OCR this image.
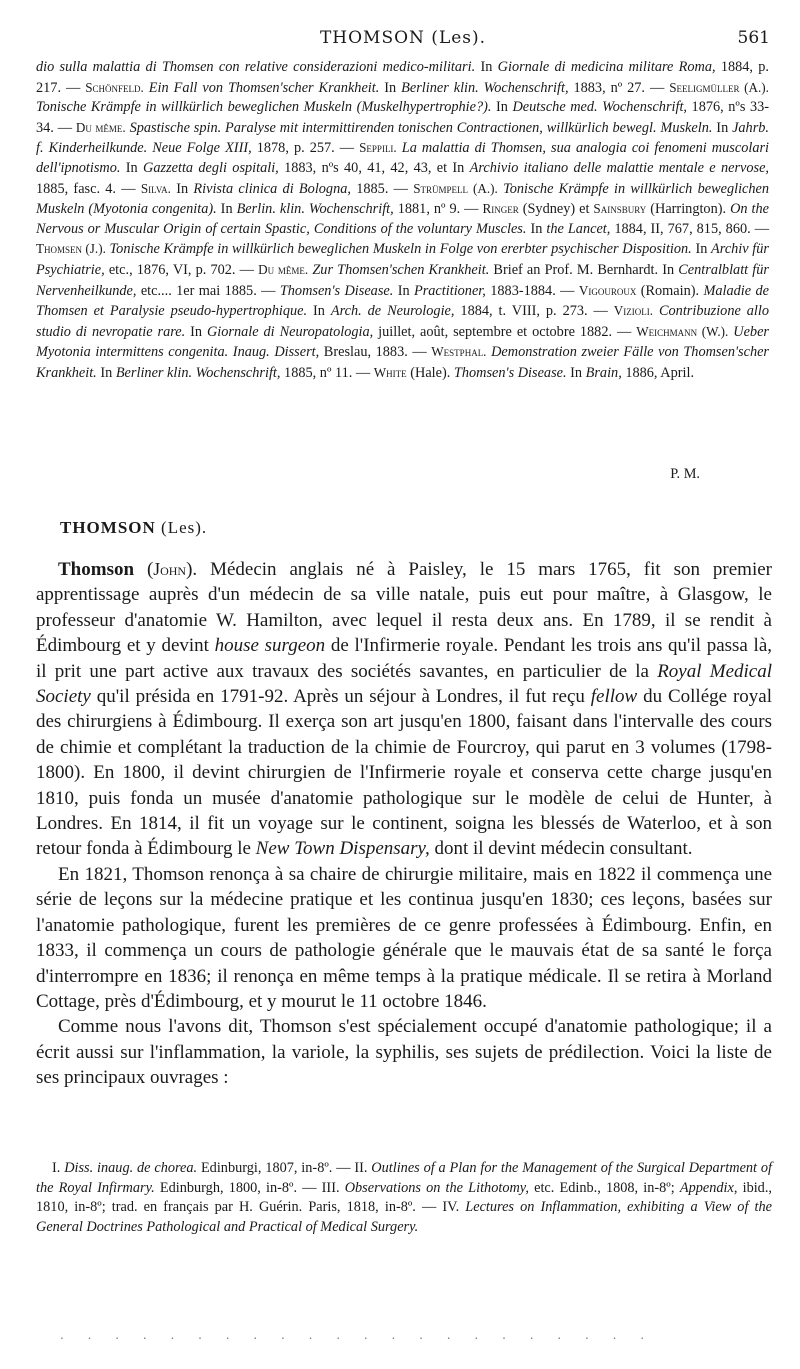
THOMSON (Les).	561
dio sulla malattia di Thomsen con relative considerazioni medico-militari. In Giornale di medicina militare Roma, 1884, p. 217. — Schönfeld. Ein Fall von Thomsen'scher Krankheit. In Berliner klin. Wochenschrift, 1883, nº 27. — Seeligmüller (A.). Tonische Krämpfe in willkürlich beweglichen Muskeln (Muskelhypertrophie?). In Deutsche med. Wochenschrift, 1876, nºs 33-34. — Du même. Spastische spin. Paralyse mit intermittirenden tonischen Contractionen, willkürlich bewegl. Muskeln. In Jahrb. f. Kinderheilkunde. Neue Folge XIII, 1878, p. 257. — Seppili. La malattia di Thomsen, sua analogia coi fenomeni muscolari dell'ipnotismo. In Gazzetta degli ospitali, 1883, nºs 40, 41, 42, 43, et In Archivio italiano delle malattie mentale e nervose, 1885, fasc. 4. — Silva. In Rivista clinica di Bologna, 1885. — Strümpell (A.). Tonische Krämpfe in willkürlich beweglichen Muskeln (Myotonia congenita). In Berlin. klin. Wochenschrift, 1881, nº 9. — Ringer (Sydney) et Sainsbury (Harrington). On the Nervous or Muscular Origin of certain Spastic, Conditions of the voluntary Muscles. In the Lancet, 1884, II, 767, 815, 860. — Thomsen (J.). Tonische Krämpfe in willkürlich beweglichen Muskeln in Folge von ererbter psychischer Disposition. In Archiv für Psychiatrie, etc., 1876, VI, p. 702. — Du même. Zur Thomsen'schen Krankheit. Brief an Prof. M. Bernhardt. In Centralblatt für Nervenheilkunde, etc.... 1er mai 1885. — Thomsen's Disease. In Practitioner, 1883-1884. — Vigouroux (Romain). Maladie de Thomsen et Paralysie pseudo-hypertrophique. In Arch. de Neurologie, 1884, t. VIII, p. 273. — Vizioli. Contribuzione allo studio di nevropatie rare. In Giornale di Neuropatologia, juillet, août, septembre et octobre 1882. — Weichmann (W.). Ueber Myotonia intermittens congenita. Inaug. Dissert, Breslau, 1883. — Westphal. Demonstration zweier Fälle von Thomsen'scher Krankheit. In Berliner klin. Wochenschrift, 1885, nº 11. — White (Hale). Thomsen's Disease. In Brain, 1886, April.
P. M.
THOMSON (Les).

Thomson (John). Médecin anglais né à Paisley, le 15 mars 1765, fit son premier apprentissage auprès d'un médecin de sa ville natale, puis eut pour maître, à Glasgow, le professeur d'anatomie W. Hamilton, avec lequel il resta deux ans. En 1789, il se rendit à Édimbourg et y devint house surgeon de l'Infirmerie royale. Pendant les trois ans qu'il passa là, il prit une part active aux travaux des sociétés savantes, en particulier de la Royal Medical Society qu'il présida en 1791-92. Après un séjour à Londres, il fut reçu fellow du Collége royal des chirurgiens à Édimbourg. Il exerça son art jusqu'en 1800, faisant dans l'intervalle des cours de chimie et complétant la traduction de la chimie de Fourcroy, qui parut en 3 volumes (1798-1800). En 1800, il devint chirurgien de l'Infirmerie royale et conserva cette charge jusqu'en 1810, puis fonda un musée d'anatomie pathologique sur le modèle de celui de Hunter, à Londres. En 1814, il fit un voyage sur le continent, soigna les blessés de Waterloo, et à son retour fonda à Édimbourg le New Town Dispensary, dont il devint médecin consultant.

En 1821, Thomson renonça à sa chaire de chirurgie militaire, mais en 1822 il commença une série de leçons sur la médecine pratique et les continua jusqu'en 1830; ces leçons, basées sur l'anatomie pathologique, furent les premières de ce genre professées à Édimbourg. Enfin, en 1833, il commença un cours de pathologie générale que le mauvais état de sa santé le força d'interrompre en 1836; il renonça en même temps à la pratique médicale. Il se retira à Morland Cottage, près d'Édimbourg, et y mourut le 11 octobre 1846.

Comme nous l'avons dit, Thomson s'est spécialement occupé d'anatomie pathologique; il a écrit aussi sur l'inflammation, la variole, la syphilis, ses sujets de prédilection. Voici la liste de ses principaux ouvrages :

I. Diss. inaug. de chorea. Edinburgi, 1807, in-8º. — II. Outlines of a Plan for the Management of the Surgical Department of the Royal Infirmary. Edinburgh, 1800, in-8º. — III. Observations on the Lithotomy, etc. Edinb., 1808, in-8º; Appendix, ibid., 1810, in-8º; trad. en français par H. Guérin. Paris, 1818, in-8º. — IV. Lectures on Inflammation, exhibiting a View of the General Doctrines Pathological and Practical of Medical Surgery.

. . . . . . . . . . . . . . . . . . . . . .
